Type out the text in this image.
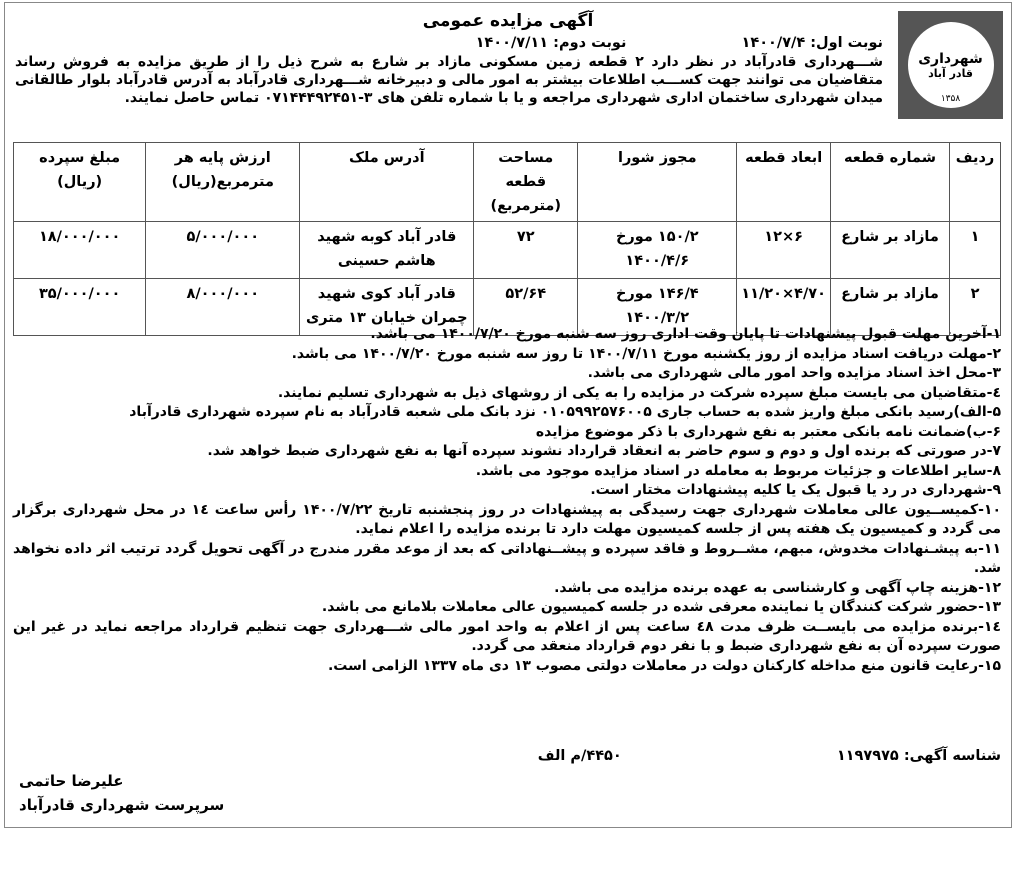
شهرداری
قادر آباد
۱۳۵۸
آگهی مزایده عمومی
نوبت اول: ۱۴۰۰/۷/۴ نوبت دوم: ۱۴۰۰/۷/۱۱

شـــهرداری قادرآباد در نظر دارد ۲ قطعه زمین مسکونی مازاد بر شارع به شرح ذیل را از طریق مزایده به فروش رساند متقاضیان می توانند جهت کســـب اطلاعات بیشتر به امور مالی و دبیرخانه شـــهرداری قادرآباد به آدرس قادرآباد بلوار طالقانی میدان شهرداری ساختمان اداری شهرداری مراجعه و یا با شماره تلفن های ۳-۰۷۱۴۴۴۹۲۴۵۱ تماس حاصل نمایند.

ردیف	شماره قطعه	ابعاد قطعه	مجوز شورا	مساحت قطعه (مترمربع)	آدرس ملک	ارزش پایه هر مترمربع(ریال)	مبلغ سپرده (ریال)
۱	مازاد بر شارع	۶×۱۲	۱۵۰/۲ مورخ ۱۴۰۰/۴/۶	۷۲	قادر آباد کوبه شهید هاشم حسینی	۵/۰۰۰/۰۰۰	۱۸/۰۰۰/۰۰۰
۲	مازاد بر شارع	۴/۷۰×۱۱/۲۰	۱۴۶/۴ مورخ ۱۴۰۰/۳/۲	۵۲/۶۴	قادر آباد کوی شهید چمران خیابان ۱۳ متری	۸/۰۰۰/۰۰۰	۳۵/۰۰۰/۰۰۰
۱-آخرین مهلت قبول پیشنهادات تا پایان وقت اداری روز سه شنبه مورخ ۱۴۰۰/۷/۲۰ می باشد.
۲-مهلت دریافت اسناد مزایده از روز یکشنبه مورخ ۱۴۰۰/۷/۱۱ تا روز سه شنبه مورخ ۱۴۰۰/۷/۲۰ می باشد.
۳-محل اخذ اسناد مزایده واحد امور مالی شهرداری می باشد.
٤-متقاضیان می بایست مبلغ سپرده شرکت در مزایده را به یکی از روشهای ذیل به شهرداری تسلیم نمایند.
۵-الف)رسید بانکی مبلغ واریز شده به حساب جاری ۰۱۰۵۹۹۲۵۷۶۰۰۵ نزد بانک ملی شعبه قادرآباد به نام سپرده شهرداری قادرآباد
۶-ب)ضمانت نامه بانکی معتبر به نفع شهرداری با ذکر موضوع مزایده
۷-در صورتی که برنده اول و دوم و سوم حاضر به انعقاد قرارداد نشوند سپرده آنها به نفع شهرداری ضبط خواهد شد.
۸-سایر اطلاعات و جزئیات مربوط به معامله در اسناد مزایده موجود می باشد.
۹-شهرداری در رد یا قبول یک یا کلیه پیشنهادات مختار است.
۱۰-کمیســیون عالی معاملات شهرداری جهت رسیدگی به پیشنهادات در روز پنجشنبه تاریخ ۱۴۰۰/۷/۲۲ رأس ساعت ۱٤ در محل شهرداری برگزار می گردد و کمیسیون یک هفته پس از جلسه کمیسیون مهلت دارد تا برنده مزایده را اعلام نماید.
۱۱-به پیشـنهادات مخدوش، مبهم، مشــروط و فاقد سپرده و پیشــنهاداتی که بعد از موعد مقرر مندرج در آگهی تحویل گردد ترتیب اثر داده نخواهد شد.
۱۲-هزینه چاپ آگهی و کارشناسی به عهده برنده مزایده می باشد.
۱۳-حضور شرکت کنندگان یا نماینده معرفی شده در جلسه کمیسیون عالی معاملات بلامانع می باشد.
۱٤-برنده مزایده می بایســت ظرف مدت ٤۸ ساعت پس از اعلام به واحد امور مالی شـــهرداری جهت تنظیم قرارداد مراجعه نماید در غیر این صورت سپرده آن به نفع شهرداری ضبط و با نفر دوم قرارداد منعقد می گردد.
۱۵-رعایت قانون منع مداخله کارکنان دولت در معاملات دولتی مصوب ۱۳ دی ماه ۱۳۳۷ الزامی است.
شناسه آگهی: ۱۱۹۷۹۷۵ ۴۴۵۰/م الف
علیرضا حاتمی
سرپرست شهرداری قادرآباد
